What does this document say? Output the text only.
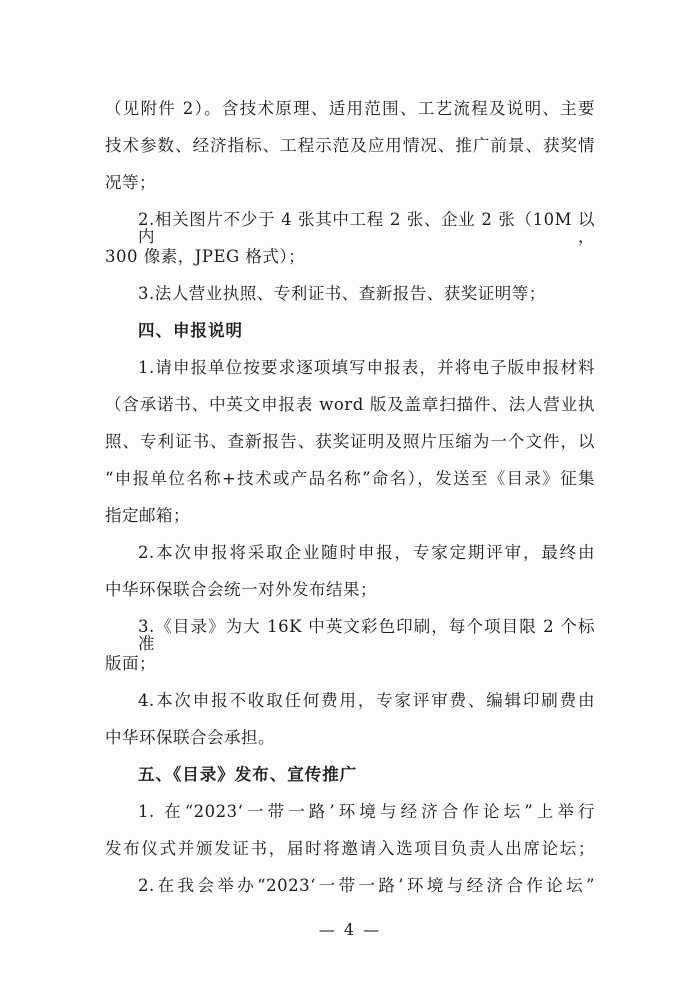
（见附件 2）。含技术原理、适用范围、工艺流程及说明、主要
技术参数、经济指标、工程示范及应用情况、推广前景、获奖情
况等；
2.相关图片不少于 4 张其中工程 2 张、企业 2 张（10M 以内，
300 像素，JPEG 格式）；
3.法人营业执照、专利证书、查新报告、获奖证明等；
四、申报说明
1.请申报单位按要求逐项填写申报表，并将电子版申报材料
（含承诺书、中英文申报表 word 版及盖章扫描件、法人营业执
照、专利证书、查新报告、获奖证明及照片压缩为一个文件，以
“申报单位名称+技术或产品名称”命名），发送至《目录》征集
指定邮箱；
2.本次申报将采取企业随时申报，专家定期评审，最终由
中华环保联合会统一对外发布结果；
3.《目录》为大 16K 中英文彩色印刷，每个项目限 2 个标准
版面；
4.本次申报不收取任何费用，专家评审费、编辑印刷费由
中华环保联合会承担。
五、《目录》发布、宣传推广
1. 在“2023‘一带一路’环境与经济合作论坛”上举行
发布仪式并颁发证书，届时将邀请入选项目负责人出席论坛；
2.在我会举办“2023‘一带一路’环境与经济合作论坛”
— 4 —
